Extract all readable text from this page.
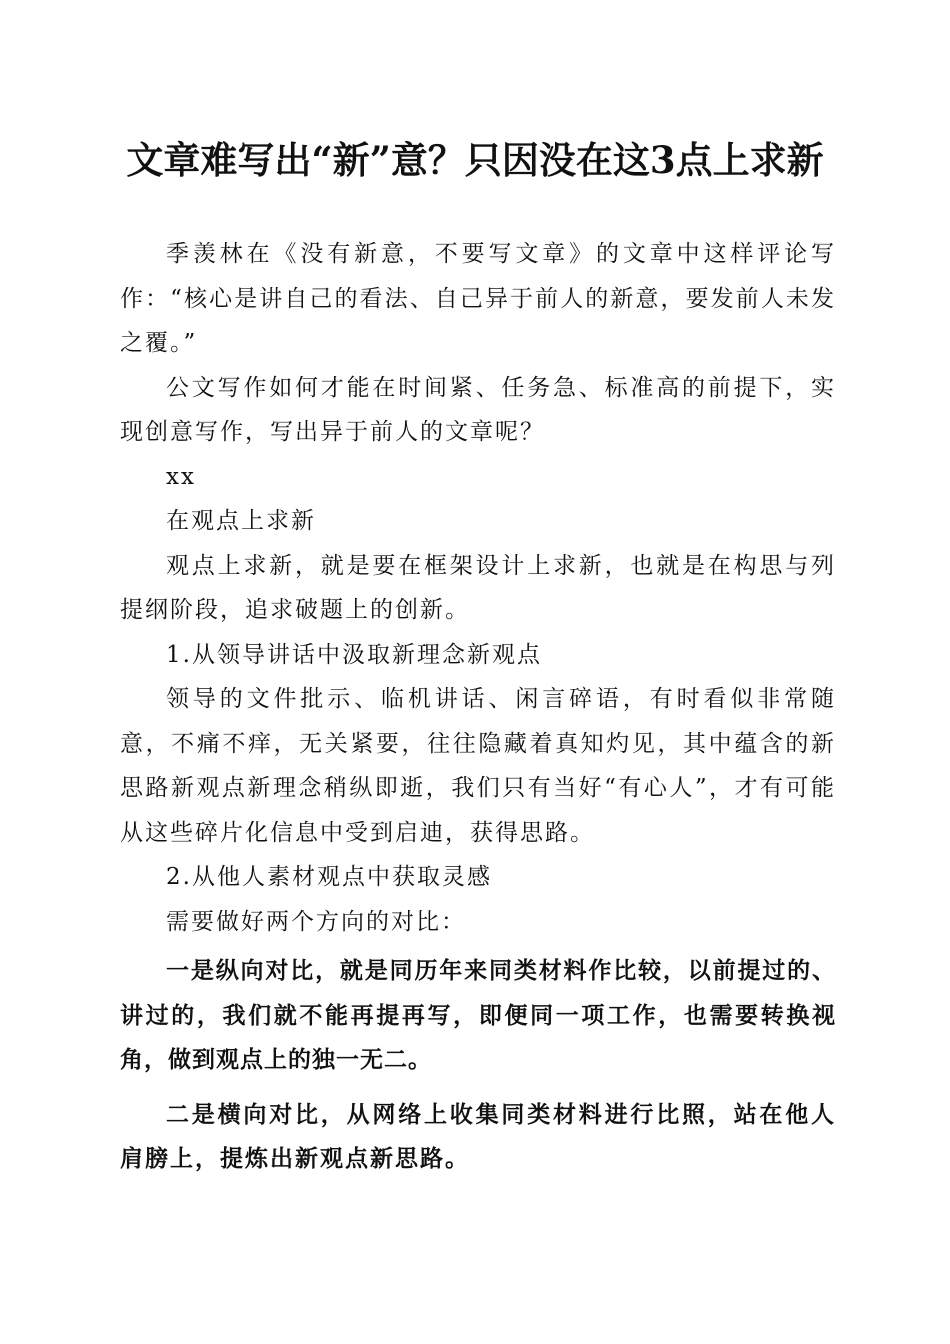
文章难写出“新”意？只因没在这3点上求新

季羡林在《没有新意，不要写文章》的文章中这样评论写作：“核心是讲自己的看法、自己异于前人的新意，要发前人未发之覆。”

公文写作如何才能在时间紧、任务急、标准高的前提下，实现创意写作，写出异于前人的文章呢？

xx

在观点上求新

观点上求新，就是要在框架设计上求新，也就是在构思与列提纲阶段，追求破题上的创新。

1.从领导讲话中汲取新理念新观点

领导的文件批示、临机讲话、闲言碎语，有时看似非常随意，不痛不痒，无关紧要，往往隐藏着真知灼见，其中蕴含的新思路新观点新理念稍纵即逝，我们只有当好“有心人”，才有可能从这些碎片化信息中受到启迪，获得思路。

2.从他人素材观点中获取灵感

需要做好两个方向的对比：

一是纵向对比，就是同历年来同类材料作比较，以前提过的、讲过的，我们就不能再提再写，即便同一项工作，也需要转换视角，做到观点上的独一无二。

二是横向对比，从网络上收集同类材料进行比照，站在他人肩膀上，提炼出新观点新思路。
